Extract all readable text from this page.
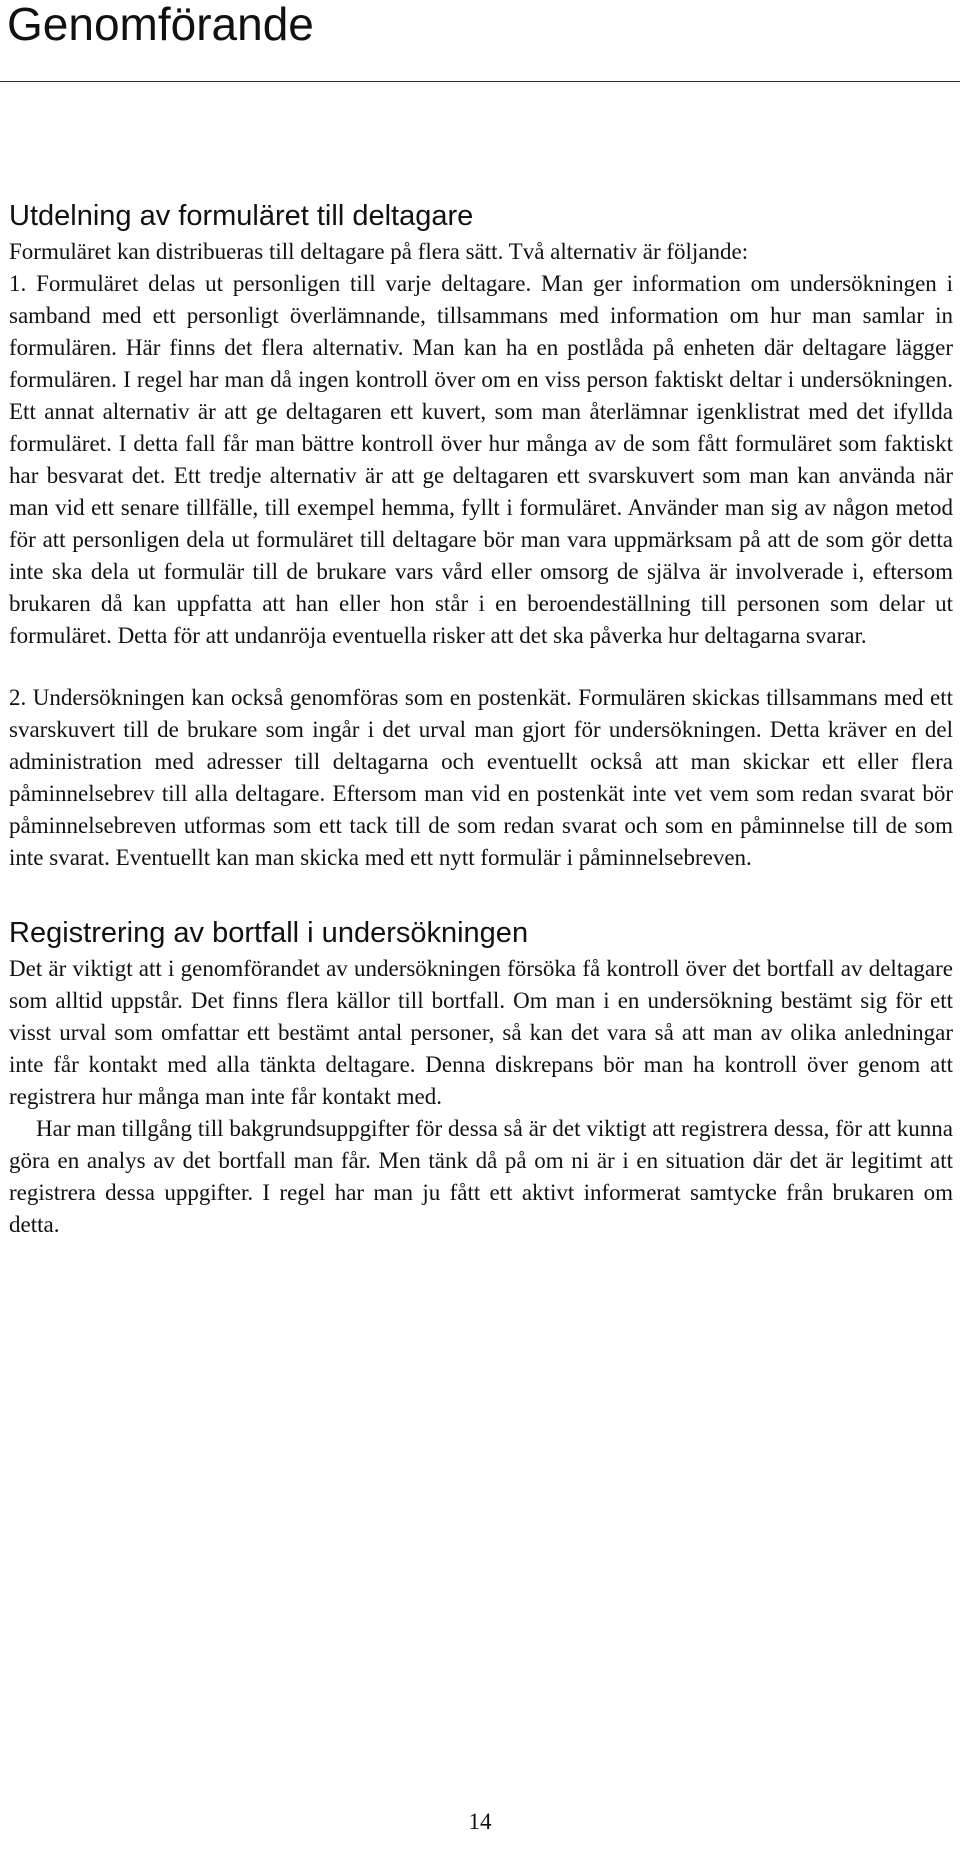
Genomförande
Utdelning av formuläret till deltagare

Formuläret kan distribueras till deltagare på flera sätt. Två alternativ är följande:

1. Formuläret delas ut personligen till varje deltagare. Man ger information om undersökningen i samband med ett personligt överlämnande, tillsammans med information om hur man samlar in formulären. Här finns det flera alternativ. Man kan ha en postlåda på enheten där deltagare lägger formulären. I regel har man då ingen kontroll över om en viss person faktiskt deltar i undersökningen. Ett annat alternativ är att ge deltagaren ett kuvert, som man återlämnar igenklistrat med det ifyllda formuläret. I detta fall får man bättre kontroll över hur många av de som fått formuläret som faktiskt har besvarat det. Ett tredje alternativ är att ge deltagaren ett svarskuvert som man kan använda när man vid ett senare tillfälle, till exempel hemma, fyllt i formuläret. Använder man sig av någon metod för att personligen dela ut formuläret till deltagare bör man vara uppmärksam på att de som gör detta inte ska dela ut formulär till de brukare vars vård eller omsorg de själva är involverade i, eftersom brukaren då kan uppfatta att han eller hon står i en beroendeställning till personen som delar ut formuläret. Detta för att undanröja eventuella risker att det ska påverka hur deltagarna svarar.

2. Undersökningen kan också genomföras som en postenkät. Formulären skickas tillsammans med ett svarskuvert till de brukare som ingår i det urval man gjort för undersökningen. Detta kräver en del administration med adresser till deltagarna och eventuellt också att man skickar ett eller flera påminnelsebrev till alla deltagare. Eftersom man vid en postenkät inte vet vem som redan svarat bör påminnelsebreven utformas som ett tack till de som redan svarat och som en påminnelse till de som inte svarat. Eventuellt kan man skicka med ett nytt formulär i påminnelsebreven.

Registrering av bortfall i undersökningen

Det är viktigt att i genomförandet av undersökningen försöka få kontroll över det bortfall av deltagare som alltid uppstår. Det finns flera källor till bortfall. Om man i en undersökning bestämt sig för ett visst urval som omfattar ett bestämt antal personer, så kan det vara så att man av olika anledningar inte får kontakt med alla tänkta deltagare. Denna diskrepans bör man ha kontroll över genom att registrera hur många man inte får kontakt med.

Har man tillgång till bakgrundsuppgifter för dessa så är det viktigt att registrera dessa, för att kunna göra en analys av det bortfall man får. Men tänk då på om ni är i en situation där det är legitimt att registrera dessa uppgifter. I regel har man ju fått ett aktivt informerat samtycke från brukaren om detta.

14
